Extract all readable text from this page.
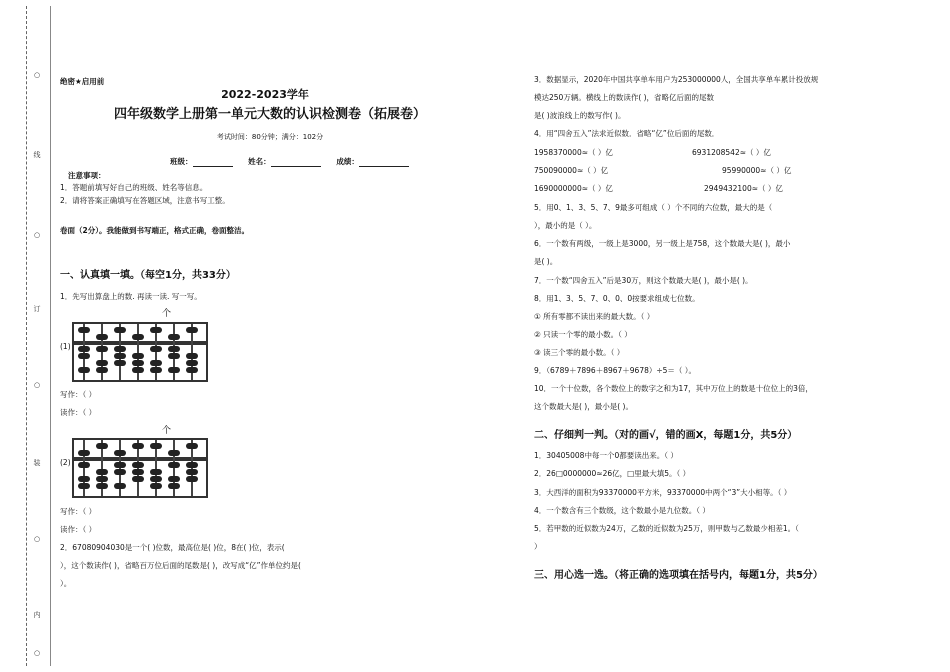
○
线
○
订
○
装
○
内
○
绝密★启用前
2022-2023学年
四年级数学上册第一单元大数的认识检测卷（拓展卷）
考试时间：80分钟；满分：102分
班级：	姓名：	成绩：
注意事项：
1．答题前填写好自己的班级、姓名等信息。
2．请将答案正确填写在答题区域，注意书写工整。
卷面（2分）。我能做到书写端正，格式正确，卷面整洁。
一、认真填一填。（每空1分，共33分）
1．先写出算盘上的数. 再读一读. 写一写。
个
(1)
写作：（ ）
读作：（ ）
个
(2)
写作：（ ）
读作：（ ）
2．67080904030是一个( )位数，最高位是( )位，8在( )位，表示(
），这个数读作( )，省略百万位后面的尾数是( )，改写成“亿”作单位约是(
）。
3．数据显示，2020年中国共享单车用户为253000000人，全国共享单车累计投放规
模达250万辆。横线上的数读作( )，省略亿后面的尾数
是( )波浪线上的数写作( )。
4．用“四舍五入”法求近似数．省略“亿”位后面的尾数．
1958370000≈（ ）亿	6931208542≈（ ）亿
750090000≈（ ）亿	95990000≈（ ）亿
1690000000≈（ ）亿	2949432100≈（ ）亿
5．用0、1、3、5、7、9最多可组成（ ）个不同的六位数，最大的是（
），最小的是（ ）。
6．一个数有两级，一级上是3000，另一级上是758，这个数最大是( )，最小
是( )。
7．一个数“四舍五入”后是30万，则这个数最大是( )，最小是( )。
8．用1、3、5、7、0、0、0按要求组成七位数。
① 所有零都不读出来的最大数。（ ）
② 只读一个零的最小数。（ ）
③ 读三个零的最小数。（ ）
9．（6789＋7896＋8967＋9678）÷5＝（ ）。
10．一个十位数，各个数位上的数字之和为17，其中万位上的数是十位位上的3倍，
这个数最大是( )，最小是( )。
二、仔细判一判。（对的画√，错的画X，每题1分，共5分）
1．30405008中每一个0都要读出来。（ ）
2．26□0000000≈26亿，□里最大填5。（ ）
3．大西洋的面积为93370000平方米，93370000中两个“3”大小相等。（ ）
4．一个数含有三个数级，这个数最小是九位数。（ ）
5．若甲数的近似数为24万，乙数的近似数为25万，则甲数与乙数最少相差1。（
）
三、用心选一选。（将正确的选项填在括号内，每题1分，共5分）
